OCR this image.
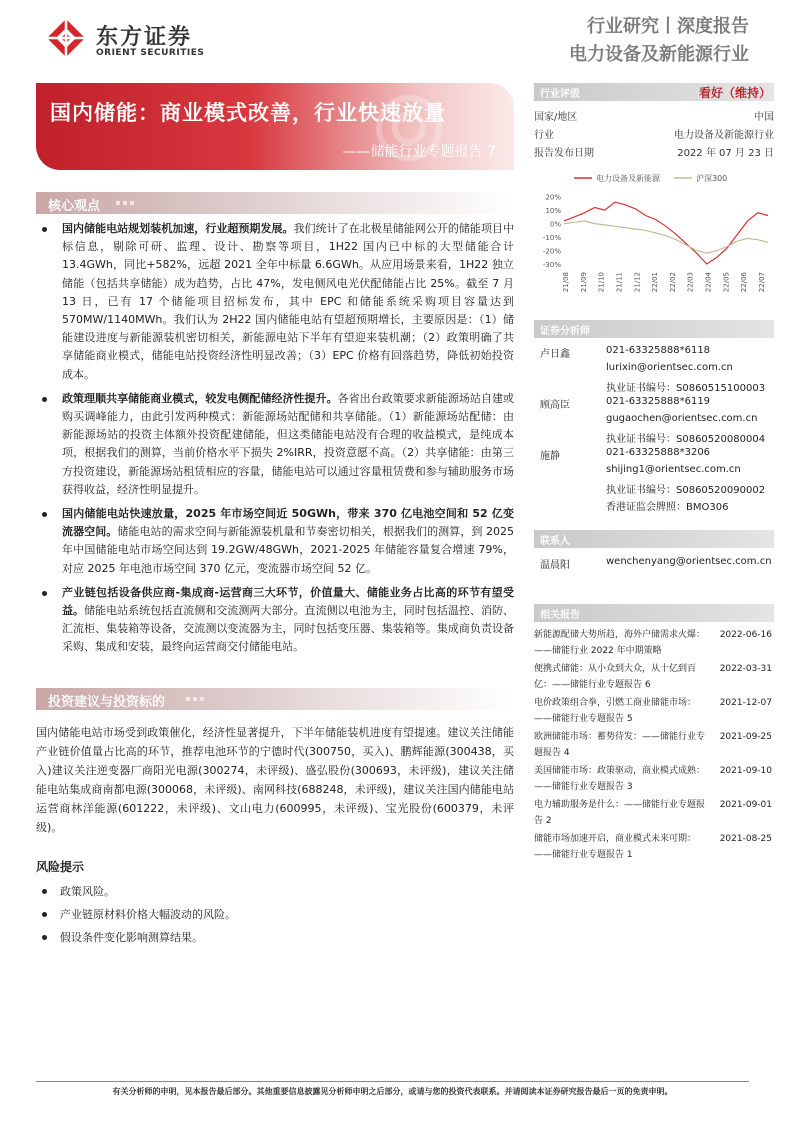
东方证券
ORIENT SECURITIES
行业研究丨深度报告
电力设备及新能源行业
国内储能：商业模式改善，行业快速放量
——储能行业专题报告 7
行业评级	看好（维持）
国家/地区	中国
行业	电力设备及新能源行业
报告发布日期	2022 年 07 月 23 日
电力设备及新能源	沪深300
20%
10%
0%
-10%
-20%
-30%
21/08 21/09 21/10 21/11 21/12 22/01 22/02 22/03 22/04 22/05 22/06 22/07
证券分析师
卢日鑫	021-63325888*6118
lurixin@orientsec.com.cn
执业证书编号：S0860515100003
顾高臣	021-63325888*6119
gugaochen@orientsec.com.cn
执业证书编号：S0860520080004
施静	021-63325888*3206
shijing1@orientsec.com.cn
执业证书编号：S0860520090002
香港证监会牌照：BMO306
联系人
温晨阳	wenchenyang@orientsec.com.cn
相关报告
新能源配储大势所趋，海外户储需求火爆：——储能行业 2022 年中期策略
2022-06-16
便携式储能：从小众到大众，从十亿到百亿：——储能行业专题报告 6
2022-03-31
电价政策组合拳，引燃工商业储能市场：——储能行业专题报告 5
2021-12-07
欧洲储能市场：蓄势待发：——储能行业专题报告 4
2021-09-25
美国储能市场：政策驱动，商业模式成熟：——储能行业专题报告 3
2021-09-10
电力辅助服务是什么：——储能行业专题报告 2
2021-09-01
储能市场加速开启，商业模式未来可期：——储能行业专题报告 1
2021-08-25
核心观点
国内储能电站规划装机加速，行业超预期发展。我们统计了在北极星储能网公开的储能项目中标信息，剔除可研、监理、设计、勘察等项目，1H22 国内已中标的大型储能合计 13.4GWh，同比+582%，远超 2021 全年中标量 6.6GWh。从应用场景来看，1H22 独立储能（包括共享储能）成为趋势，占比 47%，发电侧风电光伏配储能占比 25%。截至 7 月 13 日，已有 17 个储能项目招标发布，其中 EPC 和储能系统采购项目容量达到 570MW/1140MWh。我们认为 2H22 国内储能电站有望超预期增长，主要原因是：（1）储能建设进度与新能源装机密切相关，新能源电站下半年有望迎来装机潮；（2）政策明确了共享储能商业模式，储能电站投资经济性明显改善；（3）EPC 价格有回落趋势，降低初始投资成本。
政策理顺共享储能商业模式，较发电侧配储经济性提升。各省出台政策要求新能源场站自建或购买调峰能力，由此引发两种模式：新能源场站配储和共享储能。（1）新能源场站配储：由新能源场站的投资主体额外投资配建储能，但这类储能电站没有合理的收益模式，是纯成本项，根据我们的测算，当前价格水平下损失 2%IRR，投资意愿不高。（2）共享储能：由第三方投资建设，新能源场站租赁相应的容量，储能电站可以通过容量租赁费和参与辅助服务市场获得收益，经济性明显提升。
国内储能电站快速放量，2025 年市场空间近 50GWh，带来 370 亿电池空间和 52 亿变流器空间。储能电站的需求空间与新能源装机量和节奏密切相关，根据我们的测算，到 2025 年中国储能电站市场空间达到 19.2GW/48GWh，2021-2025 年储能容量复合增速 79%，对应 2025 年电池市场空间 370 亿元，变流器市场空间 52 亿。
产业链包括设备供应商-集成商-运营商三大环节，价值量大、储能业务占比高的环节有望受益。储能电站系统包括直流侧和交流测两大部分。直流侧以电池为主，同时包括温控、消防、汇流柜、集装箱等设备，交流测以变流器为主，同时包括变压器、集装箱等。集成商负责设备采购、集成和安装，最终向运营商交付储能电站。
投资建议与投资标的
国内储能电站市场受到政策催化，经济性显著提升，下半年储能装机进度有望提速。建议关注储能产业链价值量占比高的环节，推荐电池环节的宁德时代(300750，买入)、鹏辉能源(300438，买入)建议关注逆变器厂商阳光电源(300274，未评级)、盛弘股份(300693，未评级)，建议关注储能电站集成商南都电源(300068，未评级)、南网科技(688248，未评级)，建议关注国内储能电站运营商林洋能源(601222，未评级)、文山电力(600995，未评级)、宝光股份(600379，未评级)。
风险提示
政策风险。
产业链原材料价格大幅波动的风险。
假设条件变化影响测算结果。
有关分析师的申明，见本报告最后部分。其他重要信息披露见分析师申明之后部分，或请与您的投资代表联系。并请阅读本证券研究报告最后一页的免责申明。
